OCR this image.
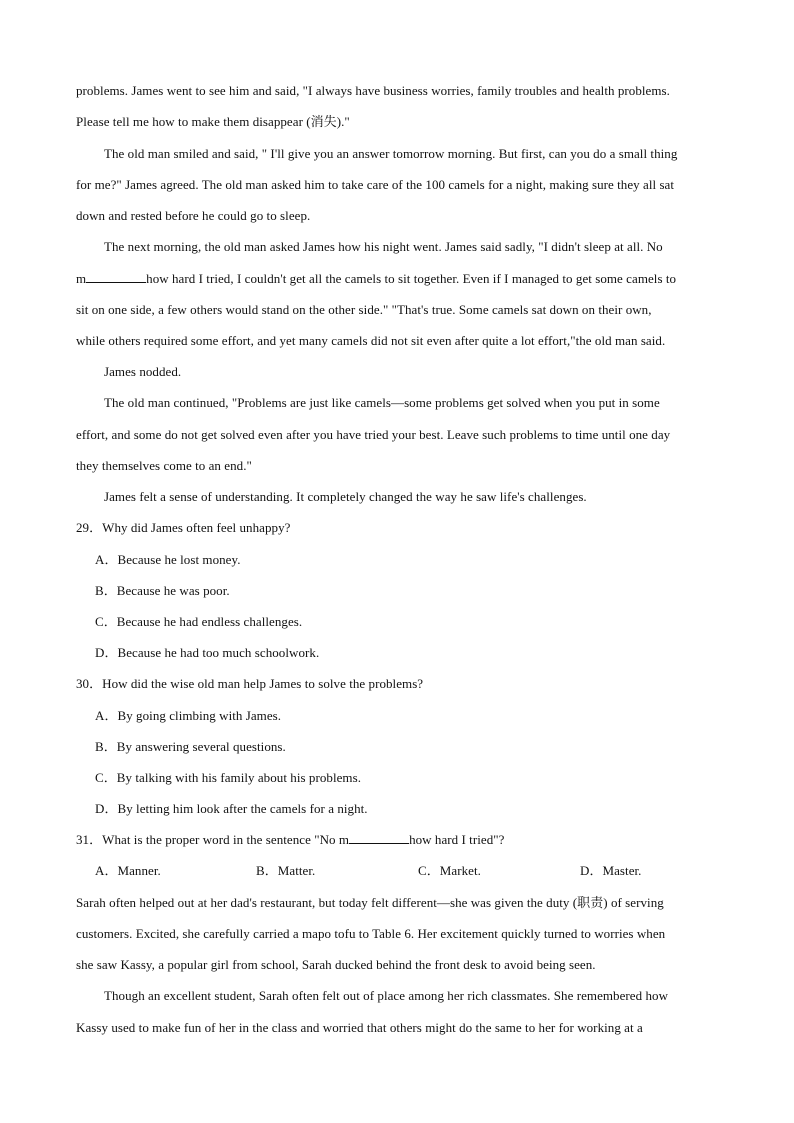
problems. James went to see him and said, "I always have business worries, family troubles and health problems.
Please tell me how to make them disappear (消失)."
The old man smiled and said, " I'll give you an answer tomorrow morning. But first, can you do a small thing
for me?" James agreed. The old man asked him to take care of the 100 camels for a night, making sure they all sat
down and rested before he could go to sleep.
The next morning, the old man asked James how his night went. James said sadly, "I didn't sleep at all. No
m	how hard I tried, I couldn't get all the camels to sit together. Even if I managed to get some camels to
sit on one side, a few others would stand on the other side." "That's true. Some camels sat down on their own,
while others required some effort, and yet many camels did not sit even after quite a lot effort,"the old man said.
James nodded.
The old man continued, "Problems are just like camels—some problems get solved when you put in some
effort, and some do not get solved even after you have tried your best. Leave such problems to time until one day
they themselves come to an end."
James felt a sense of understanding. It completely changed the way he saw life's challenges.
29．Why did James often feel unhappy?
A．Because he lost money.
B．Because he was poor.
C．Because he had endless challenges.
D．Because he had too much schoolwork.
30．How did the wise old man help James to solve the problems?
A．By going climbing with James.
B．By answering several questions.
C．By talking with his family about his problems.
D．By letting him look after the camels for a night.
31．What is the proper word in the sentence "No m	how hard I tried"?
A．Manner.	B．Matter.	C．Market.	D．Master.
Sarah often helped out at her dad's restaurant, but today felt different—she was given the duty (职责) of serving
customers. Excited, she carefully carried a mapo tofu to Table 6. Her excitement quickly turned to worries when
she saw Kassy, a popular girl from school, Sarah ducked behind the front desk to avoid being seen.
Though an excellent student, Sarah often felt out of place among her rich classmates. She remembered how
Kassy used to make fun of her in the class and worried that others might do the same to her for working at a
